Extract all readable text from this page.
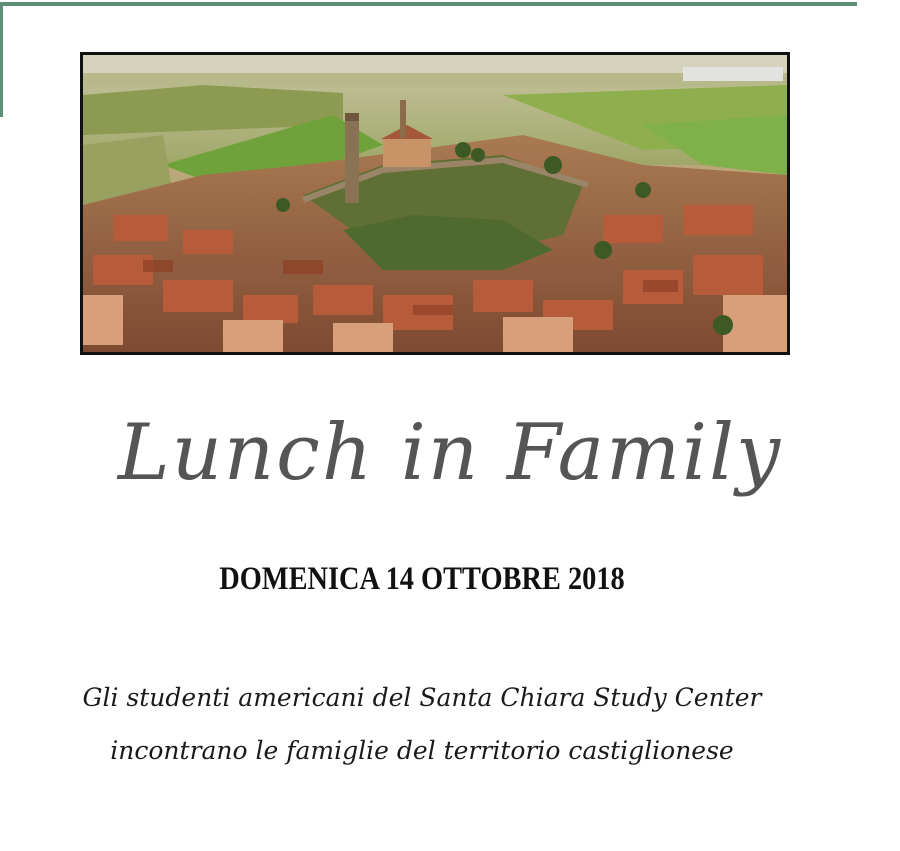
Lunch in Family
DOMENICA 14 OTTOBRE 2018
Gli studenti americani del Santa Chiara Study Center
incontrano le famiglie del territorio castiglionese
